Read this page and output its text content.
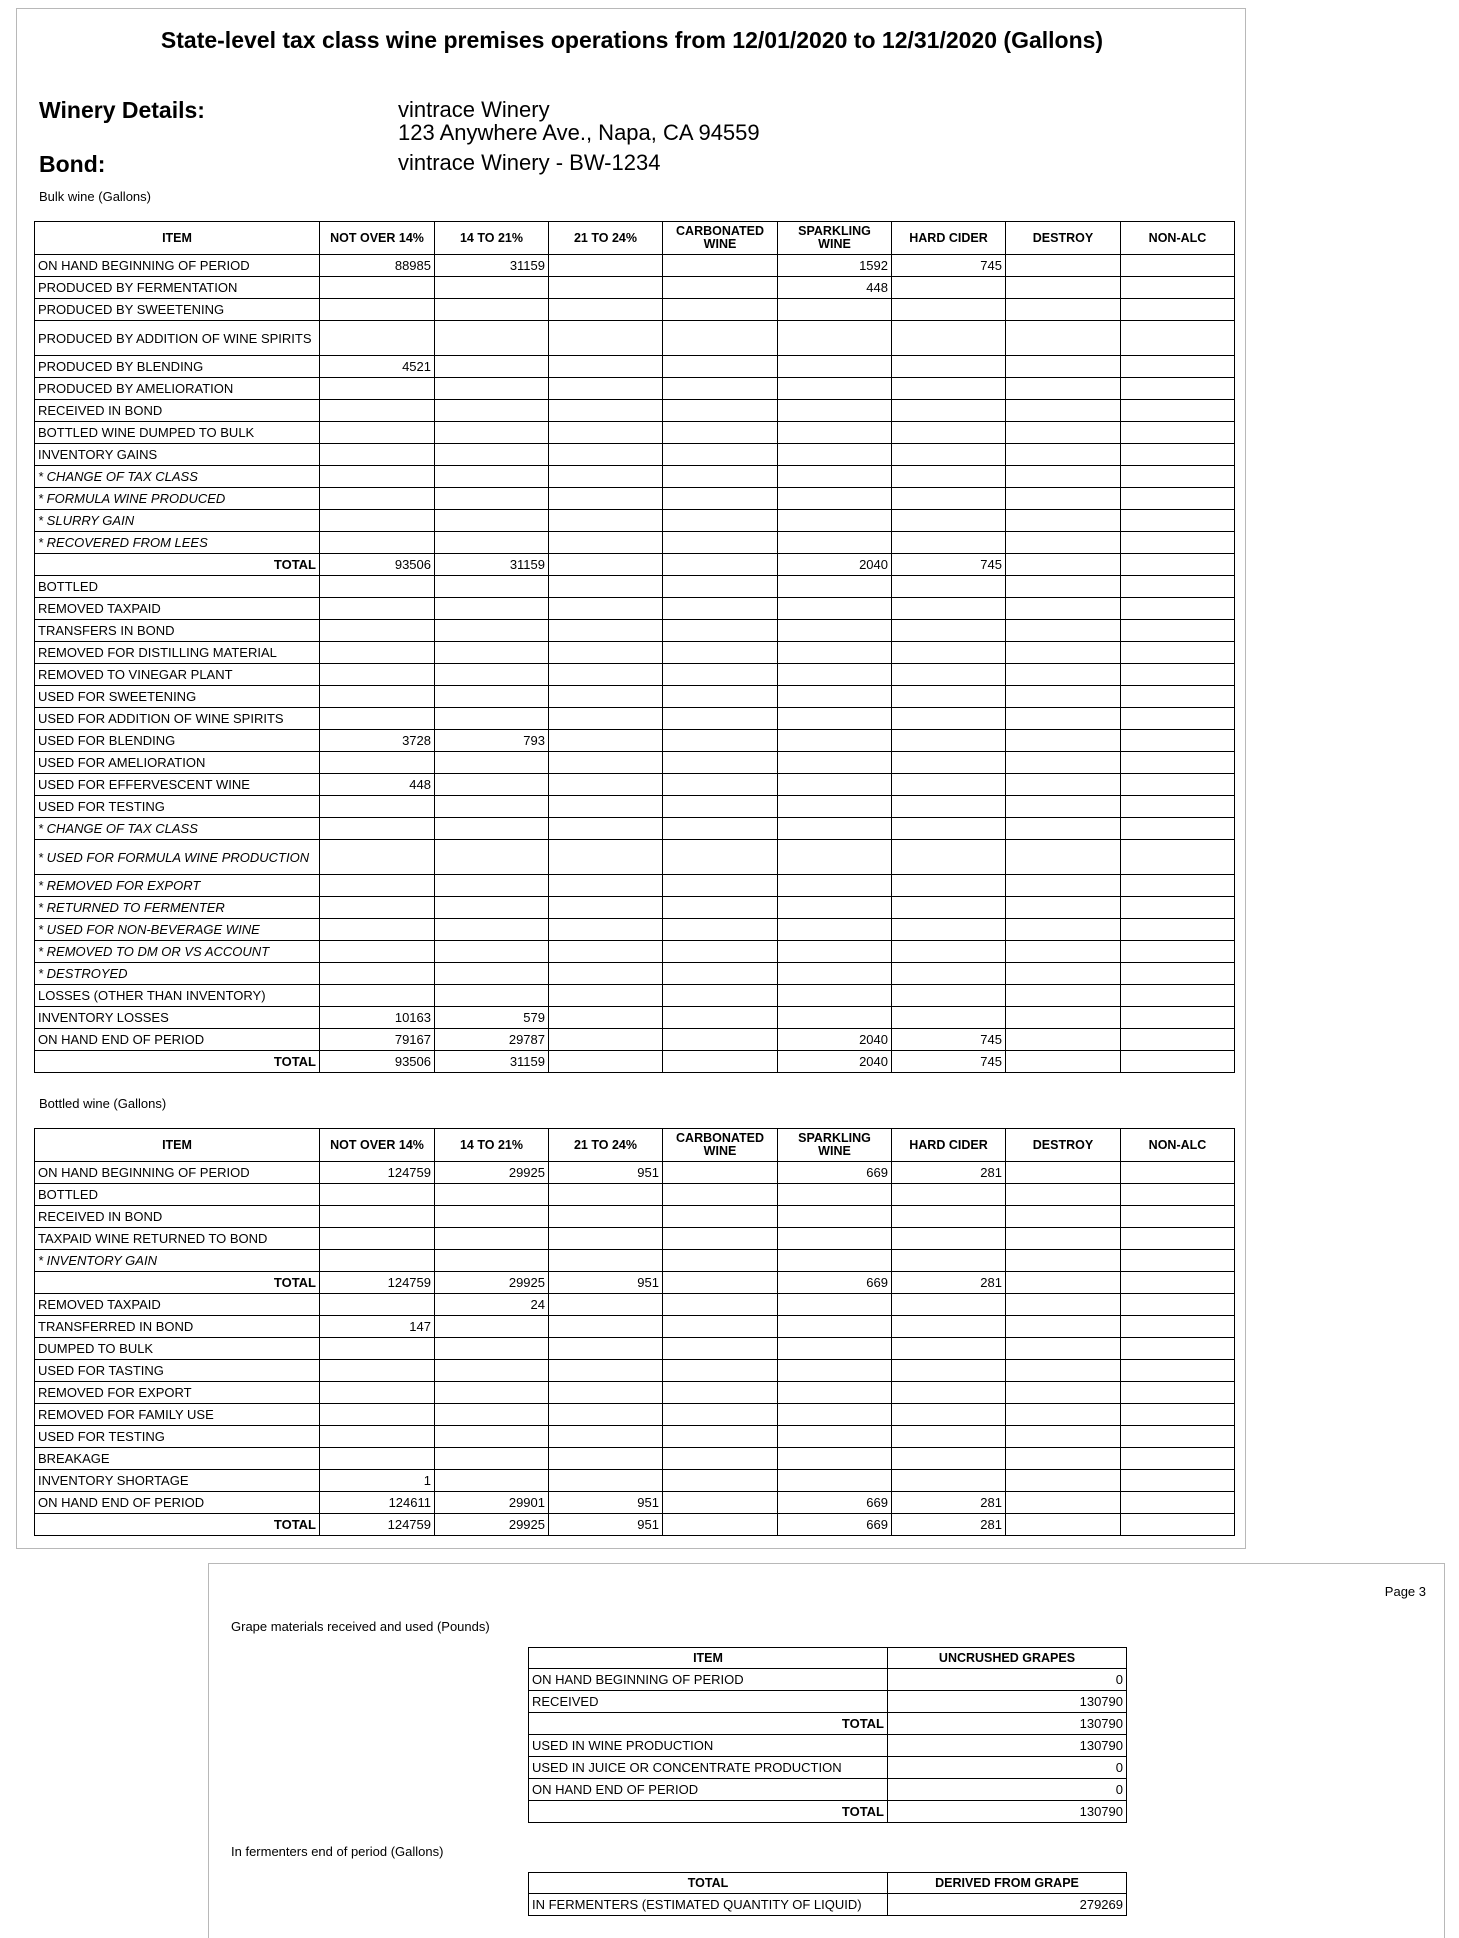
State-level tax class wine premises operations from 12/01/2020 to 12/31/2020 (Gallons)
Winery Details:	vintrace Winery
123 Anywhere Ave., Napa, CA 94559
Bond:	vintrace Winery - BW-1234
Bulk wine (Gallons)
ITEM	NOT OVER 14%	14 TO 21%	21 TO 24%	CARBONATED WINE	SPARKLING WINE	HARD CIDER	DESTROY	NON-ALC
ON HAND BEGINNING OF PERIOD	88985	31159			1592	745		
PRODUCED BY FERMENTATION					448			
PRODUCED BY SWEETENING								
PRODUCED BY ADDITION OF WINE SPIRITS								
PRODUCED BY BLENDING	4521							
PRODUCED BY AMELIORATION								
RECEIVED IN BOND								
BOTTLED WINE DUMPED TO BULK								
INVENTORY GAINS								
* CHANGE OF TAX CLASS								
* FORMULA WINE PRODUCED								
* SLURRY GAIN								
* RECOVERED FROM LEES								
TOTAL	93506	31159			2040	745		
BOTTLED								
REMOVED TAXPAID								
TRANSFERS IN BOND								
REMOVED FOR DISTILLING MATERIAL								
REMOVED TO VINEGAR PLANT								
USED FOR SWEETENING								
USED FOR ADDITION OF WINE SPIRITS								
USED FOR BLENDING	3728	793						
USED FOR AMELIORATION								
USED FOR EFFERVESCENT WINE	448							
USED FOR TESTING								
* CHANGE OF TAX CLASS								
* USED FOR FORMULA WINE PRODUCTION								
* REMOVED FOR EXPORT								
* RETURNED TO FERMENTER								
* USED FOR NON-BEVERAGE WINE								
* REMOVED TO DM OR VS ACCOUNT								
* DESTROYED								
LOSSES (OTHER THAN INVENTORY)								
INVENTORY LOSSES	10163	579						
ON HAND END OF PERIOD	79167	29787			2040	745		
TOTAL	93506	31159			2040	745		
Bottled wine (Gallons)
ITEM	NOT OVER 14%	14 TO 21%	21 TO 24%	CARBONATED WINE	SPARKLING WINE	HARD CIDER	DESTROY	NON-ALC
ON HAND BEGINNING OF PERIOD	124759	29925	951		669	281		
BOTTLED								
RECEIVED IN BOND								
TAXPAID WINE RETURNED TO BOND								
* INVENTORY GAIN								
TOTAL	124759	29925	951		669	281		
REMOVED TAXPAID		24						
TRANSFERRED IN BOND	147							
DUMPED TO BULK								
USED FOR TASTING								
REMOVED FOR EXPORT								
REMOVED FOR FAMILY USE								
USED FOR TESTING								
BREAKAGE								
INVENTORY SHORTAGE	1							
ON HAND END OF PERIOD	124611	29901	951		669	281		
TOTAL	124759	29925	951		669	281		
Page 3
Grape materials received and used (Pounds)
ITEM	UNCRUSHED GRAPES
ON HAND BEGINNING OF PERIOD	0
RECEIVED	130790
TOTAL	130790
USED IN WINE PRODUCTION	130790
USED IN JUICE OR CONCENTRATE PRODUCTION	0
ON HAND END OF PERIOD	0
TOTAL	130790
In fermenters end of period (Gallons)
TOTAL	DERIVED FROM GRAPE
IN FERMENTERS (ESTIMATED QUANTITY OF LIQUID)	279269
